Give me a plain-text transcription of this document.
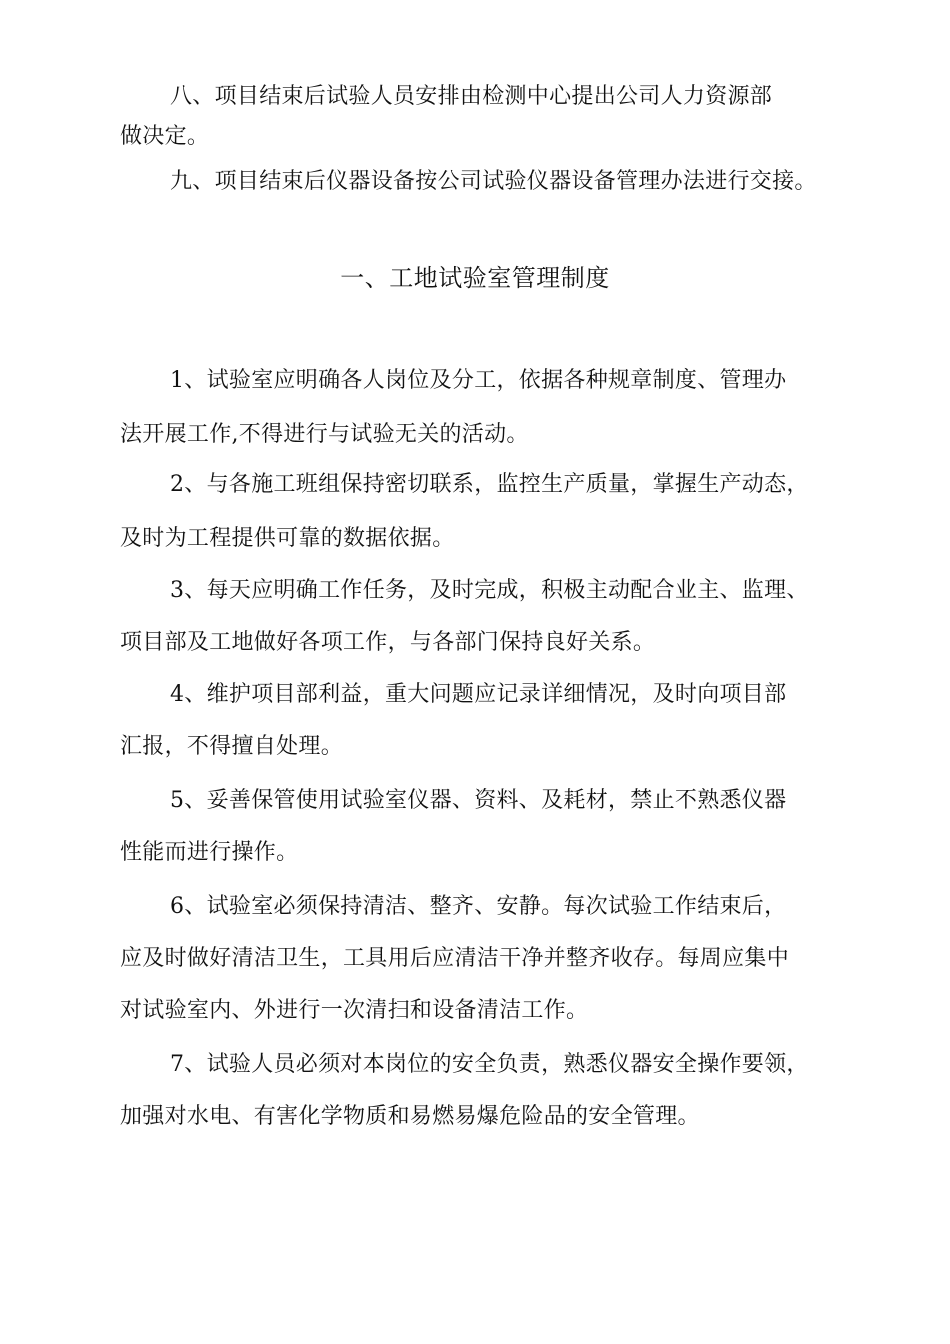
八、项目结束后试验人员安排由检测中心提出公司人力资源部
做决定。
九、项目结束后仪器设备按公司试验仪器设备管理办法进行交接。
一、工地试验室管理制度
1、试验室应明确各人岗位及分工，依据各种规章制度、管理办
法开展工作,不得进行与试验无关的活动。
2、与各施工班组保持密切联系，监控生产质量，掌握生产动态，
及时为工程提供可靠的数据依据。
3、每天应明确工作任务，及时完成，积极主动配合业主、监理、
项目部及工地做好各项工作，与各部门保持良好关系。
4、维护项目部利益，重大问题应记录详细情况，及时向项目部
汇报，不得擅自处理。
5、妥善保管使用试验室仪器、资料、及耗材，禁止不熟悉仪器
性能而进行操作。
6、试验室必须保持清洁、整齐、安静。每次试验工作结束后，
应及时做好清洁卫生，工具用后应清洁干净并整齐收存。每周应集中
对试验室内、外进行一次清扫和设备清洁工作。
7、试验人员必须对本岗位的安全负责，熟悉仪器安全操作要领，
加强对水电、有害化学物质和易燃易爆危险品的安全管理。
